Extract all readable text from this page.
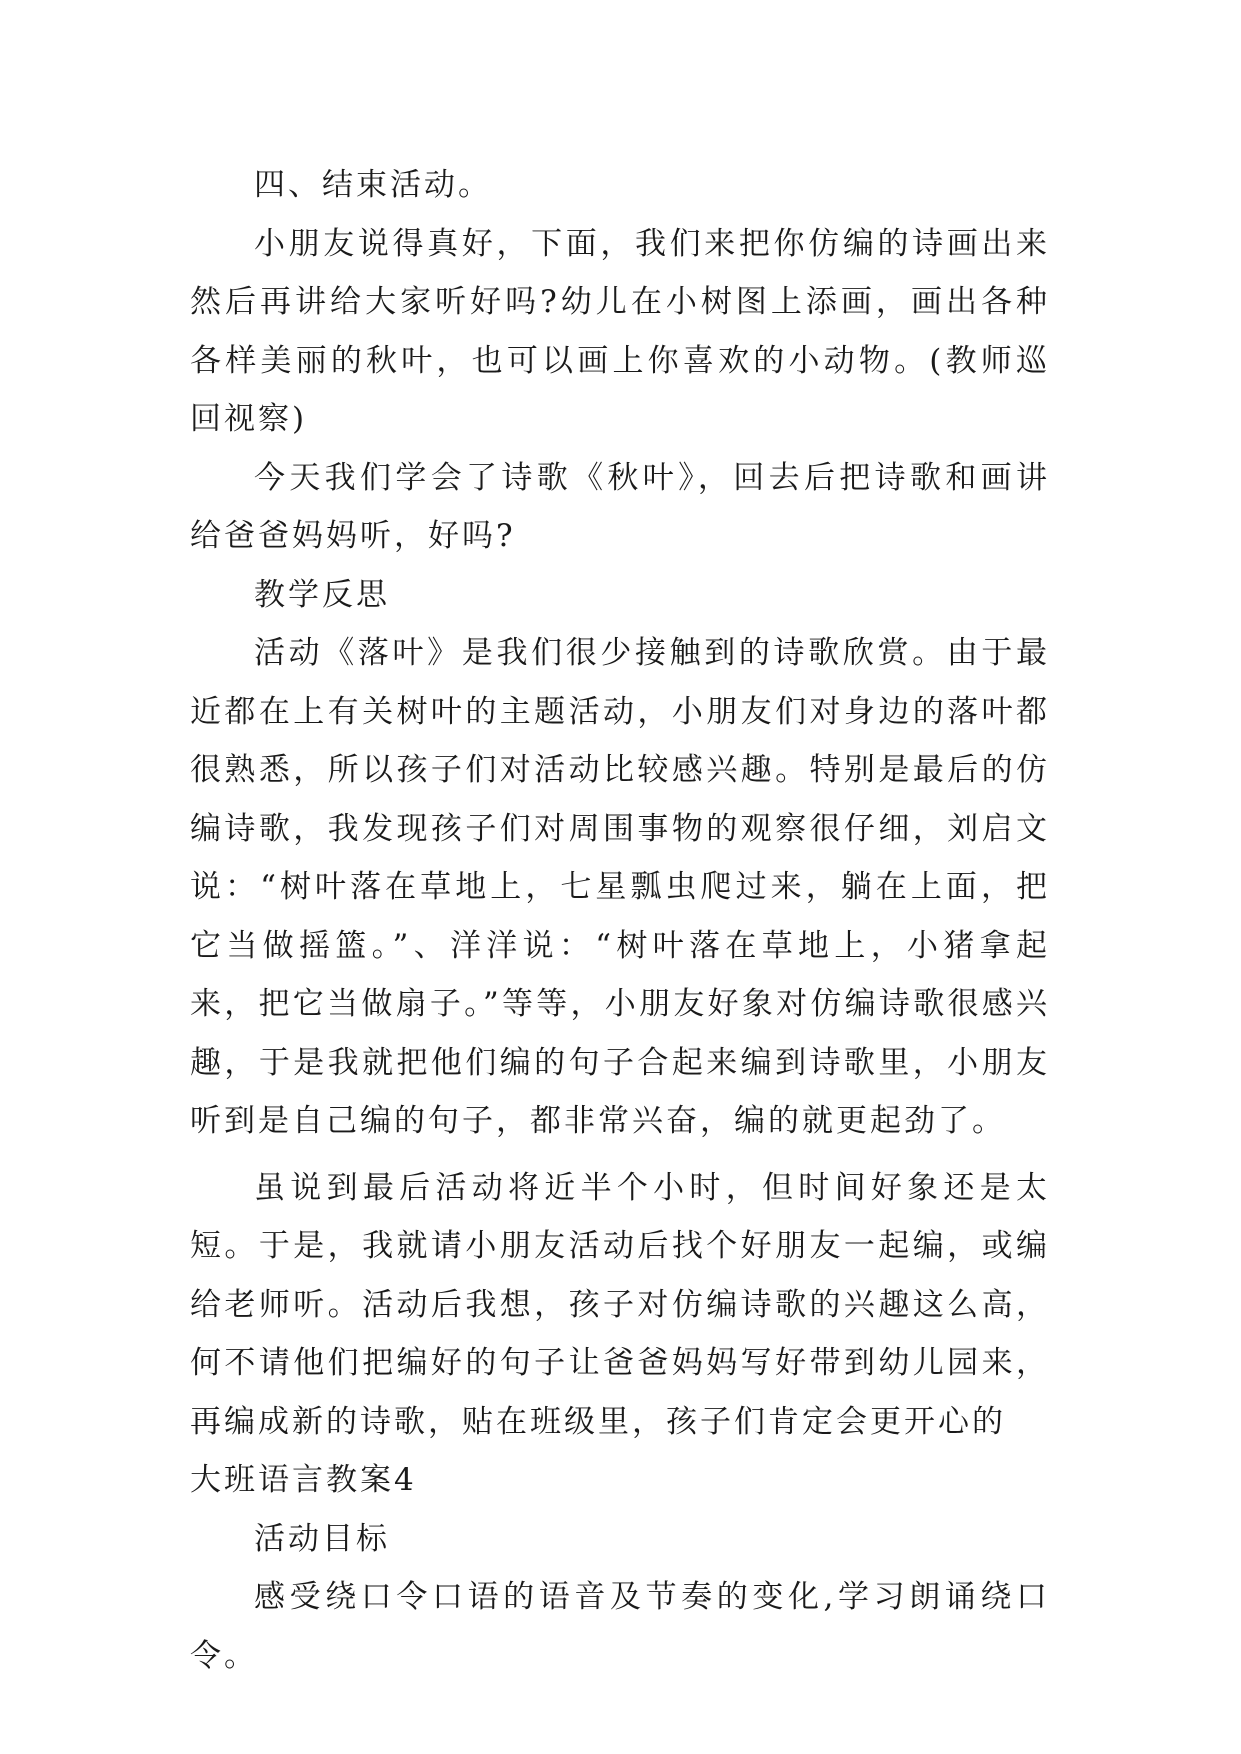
四、结束活动。

小朋友说得真好，下面，我们来把你仿编的诗画出来然后再讲给大家听好吗?幼儿在小树图上添画，画出各种各样美丽的秋叶，也可以画上你喜欢的小动物。(教师巡回视察)

今天我们学会了诗歌《秋叶》，回去后把诗歌和画讲给爸爸妈妈听，好吗?

教学反思

活动《落叶》是我们很少接触到的诗歌欣赏。由于最近都在上有关树叶的主题活动，小朋友们对身边的落叶都很熟悉，所以孩子们对活动比较感兴趣。特别是最后的仿编诗歌，我发现孩子们对周围事物的观察很仔细，刘启文说：“树叶落在草地上，七星瓢虫爬过来，躺在上面，把它当做摇篮。”、洋洋说：“树叶落在草地上，小猪拿起来，把它当做扇子。”等等，小朋友好象对仿编诗歌很感兴趣，于是我就把他们编的句子合起来编到诗歌里，小朋友听到是自己编的句子，都非常兴奋，编的就更起劲了。

虽说到最后活动将近半个小时，但时间好象还是太短。于是，我就请小朋友活动后找个好朋友一起编，或编给老师听。活动后我想，孩子对仿编诗歌的兴趣这么高，何不请他们把编好的句子让爸爸妈妈写好带到幼儿园来，再编成新的诗歌，贴在班级里，孩子们肯定会更开心的

大班语言教案4

活动目标

感受绕口令口语的语音及节奏的变化,学习朗诵绕口令。
